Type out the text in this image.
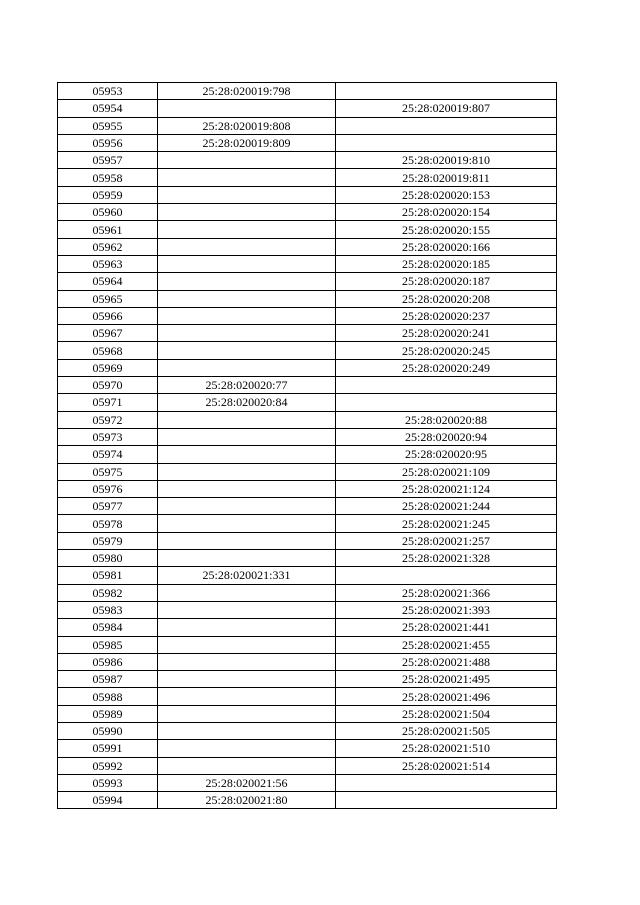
05953	25:28:020019:798	
05954		25:28:020019:807
05955	25:28:020019:808	
05956	25:28:020019:809	
05957		25:28:020019:810
05958		25:28:020019:811
05959		25:28:020020:153
05960		25:28:020020:154
05961		25:28:020020:155
05962		25:28:020020:166
05963		25:28:020020:185
05964		25:28:020020:187
05965		25:28:020020:208
05966		25:28:020020:237
05967		25:28:020020:241
05968		25:28:020020:245
05969		25:28:020020:249
05970	25:28:020020:77	
05971	25:28:020020:84	
05972		25:28:020020:88
05973		25:28:020020:94
05974		25:28:020020:95
05975		25:28:020021:109
05976		25:28:020021:124
05977		25:28:020021:244
05978		25:28:020021:245
05979		25:28:020021:257
05980		25:28:020021:328
05981	25:28:020021:331	
05982		25:28:020021:366
05983		25:28:020021:393
05984		25:28:020021:441
05985		25:28:020021:455
05986		25:28:020021:488
05987		25:28:020021:495
05988		25:28:020021:496
05989		25:28:020021:504
05990		25:28:020021:505
05991		25:28:020021:510
05992		25:28:020021:514
05993	25:28:020021:56	
05994	25:28:020021:80	
